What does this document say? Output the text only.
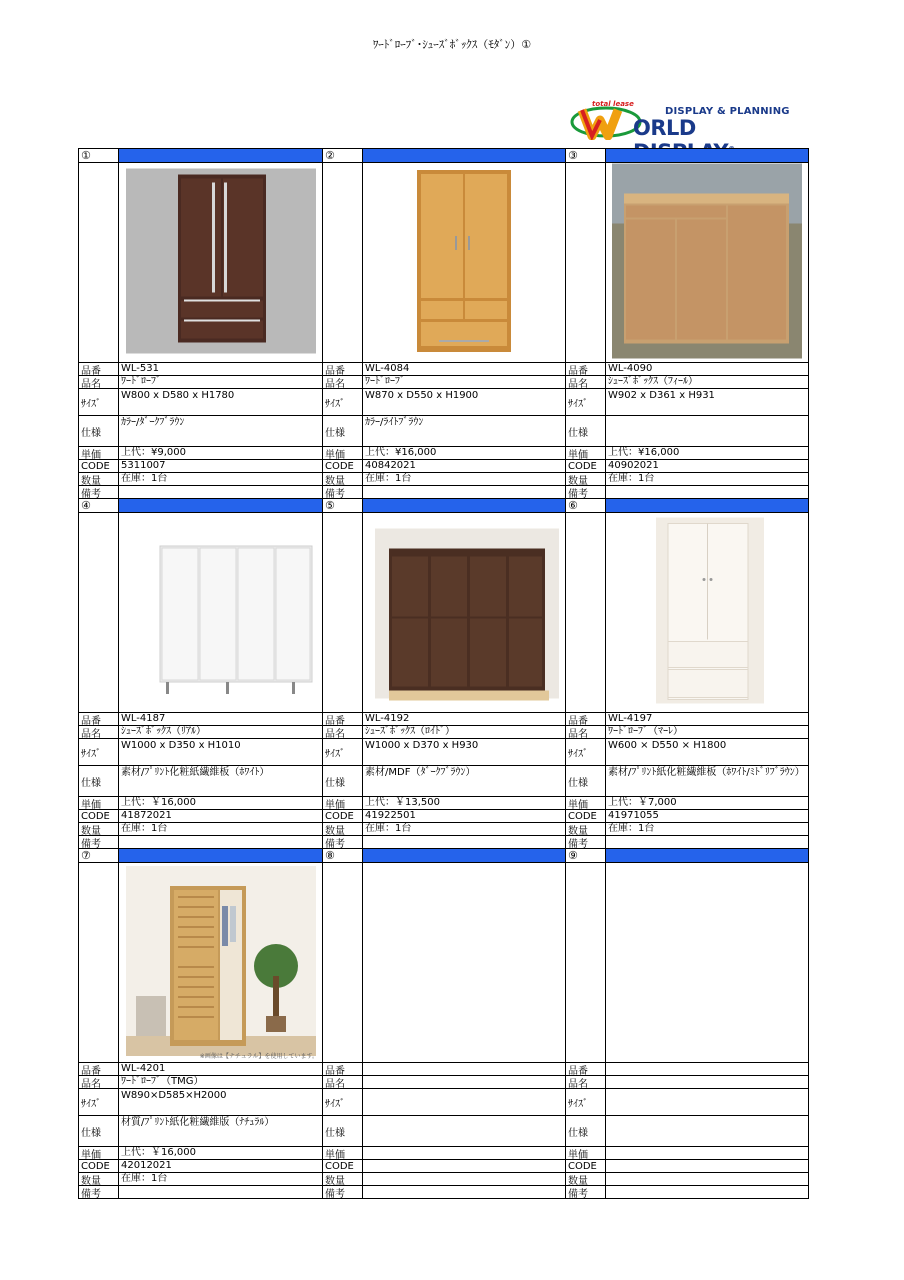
ﾜｰﾄﾞﾛｰﾌﾞ･ｼｭｰｽﾞﾎﾞｯｸｽ（ﾓﾀﾞﾝ）①
total lease
DISPLAY & PLANNING
ORLD
①
品番	WL-531
品名	ﾜｰﾄﾞﾛｰﾌﾞ
ｻｲｽﾞ
W800 x D580 x H1780
仕様
ｶﾗｰ/ﾀﾞｰｸﾌﾞﾗｳﾝ
単価	上代：¥9,000
CODE	5311007
数量	在庫：1台
備考
②
品番	WL-4084
品名	ﾜｰﾄﾞﾛｰﾌﾞ
ｻｲｽﾞ
W870 x D550 x H1900
仕様
ｶﾗｰ/ﾗｲﾄﾌﾞﾗｳﾝ
単価	上代：¥16,000
CODE	40842021
数量	在庫：1台
備考
③
品番	WL-4090
品名	ｼｭｰｽﾞﾎﾞｯｸｽ（ﾌｨｰﾙ）
ｻｲｽﾞ
W902 x D361 x H931
仕様
単価	上代：¥16,000
CODE	40902021
数量	在庫：1台
備考
④
品番	WL-4187
品名	ｼｭｰｽﾞﾎﾞｯｸｽ（ﾘｱﾙ）
ｻｲｽﾞ
W1000 x D350 x H1010
仕様
素材/ﾌﾟﾘﾝﾄ化粧紙繊維板（ﾎﾜｲﾄ）
単価	上代：￥16,000
CODE	41872021
数量	在庫：1台
備考
⑤
品番	WL-4192
品名	ｼｭｰｽﾞﾎﾞｯｸｽ（ﾛｲﾄﾞ）
ｻｲｽﾞ
W1000 x D370 x H930
仕様
素材/MDF（ﾀﾞｰｸﾌﾞﾗｳﾝ）
単価	上代：￥13,500
CODE	41922501
数量	在庫：1台
備考
⑥
品番	WL-4197
品名	ﾜｰﾄﾞﾛｰﾌﾞ（ﾏｰﾚ）
ｻｲｽﾞ
W600 × D550 × H1800
仕様
素材/ﾌﾟﾘﾝﾄ紙化粧繊維板（ﾎﾜｲﾄ/ﾐﾄﾞﾘﾌﾞﾗｳﾝ）
単価	上代：￥7,000
CODE	41971055
数量	在庫：1台
備考
⑦
※画像は【ナチュラル】を使用しています。
品番	WL-4201
品名	ﾜｰﾄﾞﾛｰﾌﾞ（TMG）
ｻｲｽﾞ
W890×D585×H2000
仕様
材質/ﾌﾟﾘﾝﾄ紙化粧繊維版（ﾅﾁｭﾗﾙ）
単価	上代：￥16,000
CODE	42012021
数量	在庫：1台
備考
⑧
品番
品名
ｻｲｽﾞ
仕様
単価
CODE
数量
備考
⑨
品番
品名
ｻｲｽﾞ
仕様
単価
CODE
数量
備考
